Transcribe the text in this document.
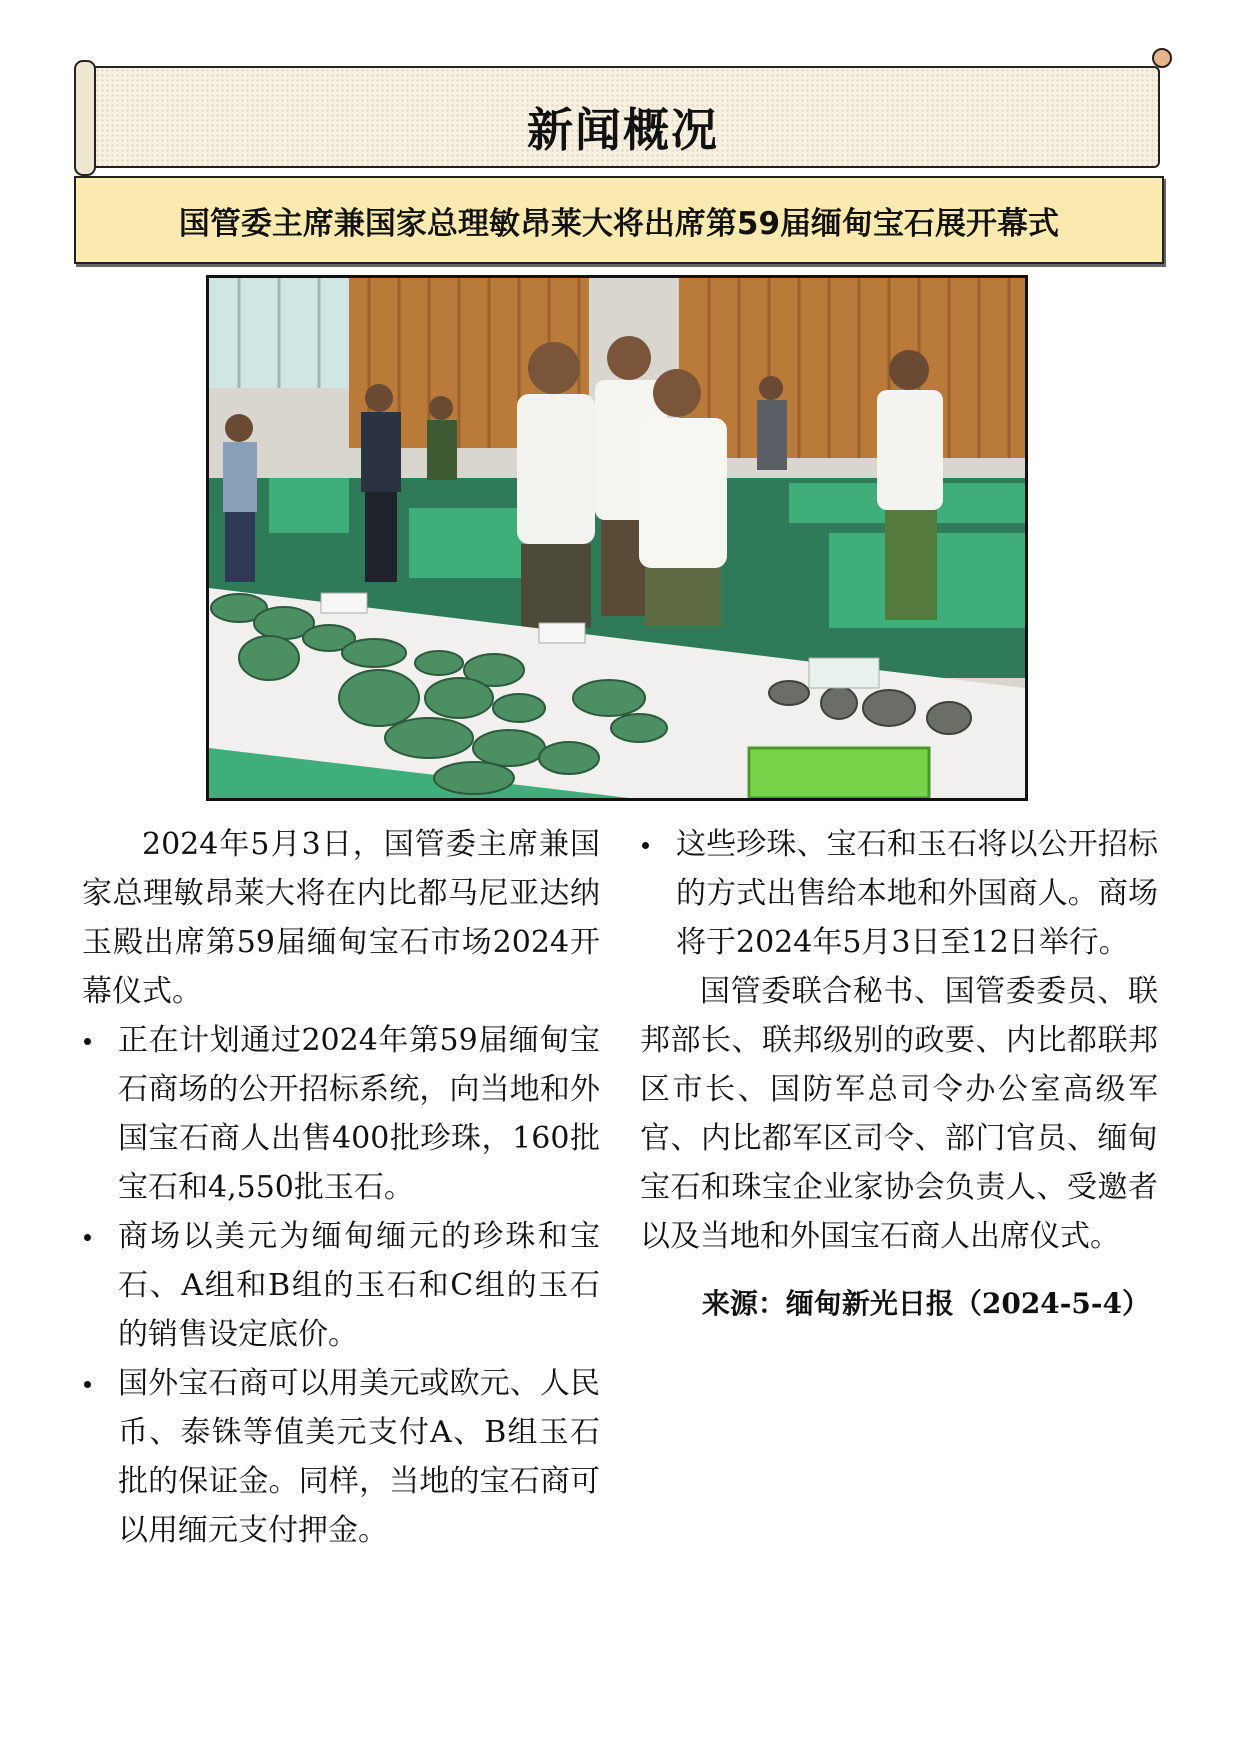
新闻概况
国管委主席兼国家总理敏昂莱大将出席第59届缅甸宝石展开幕式

2024年5月3日，国管委主席兼国家总理敏昂莱大将在内比都马尼亚达纳玉殿出席第59届缅甸宝石市场2024开幕仪式。

正在计划通过2024年第59届缅甸宝石商场的公开招标系统，向当地和外国宝石商人出售400批珍珠，160批宝石和4,550批玉石。
商场以美元为缅甸缅元的珍珠和宝石、A组和B组的玉石和C组的玉石的销售设定底价。
国外宝石商可以用美元或欧元、人民币、泰铢等值美元支付A、B组玉石批的保证金。同样，当地的宝石商可以用缅元支付押金。
这些珍珠、宝石和玉石将以公开招标的方式出售给本地和外国商人。商场将于2024年5月3日至12日举行。

国管委联合秘书、国管委委员、联邦部长、联邦级别的政要、内比都联邦区市长、国防军总司令办公室高级军官、内比都军区司令、部门官员、缅甸宝石和珠宝企业家协会负责人、受邀者以及当地和外国宝石商人出席仪式。

来源：缅甸新光日报（2024-5-4）
